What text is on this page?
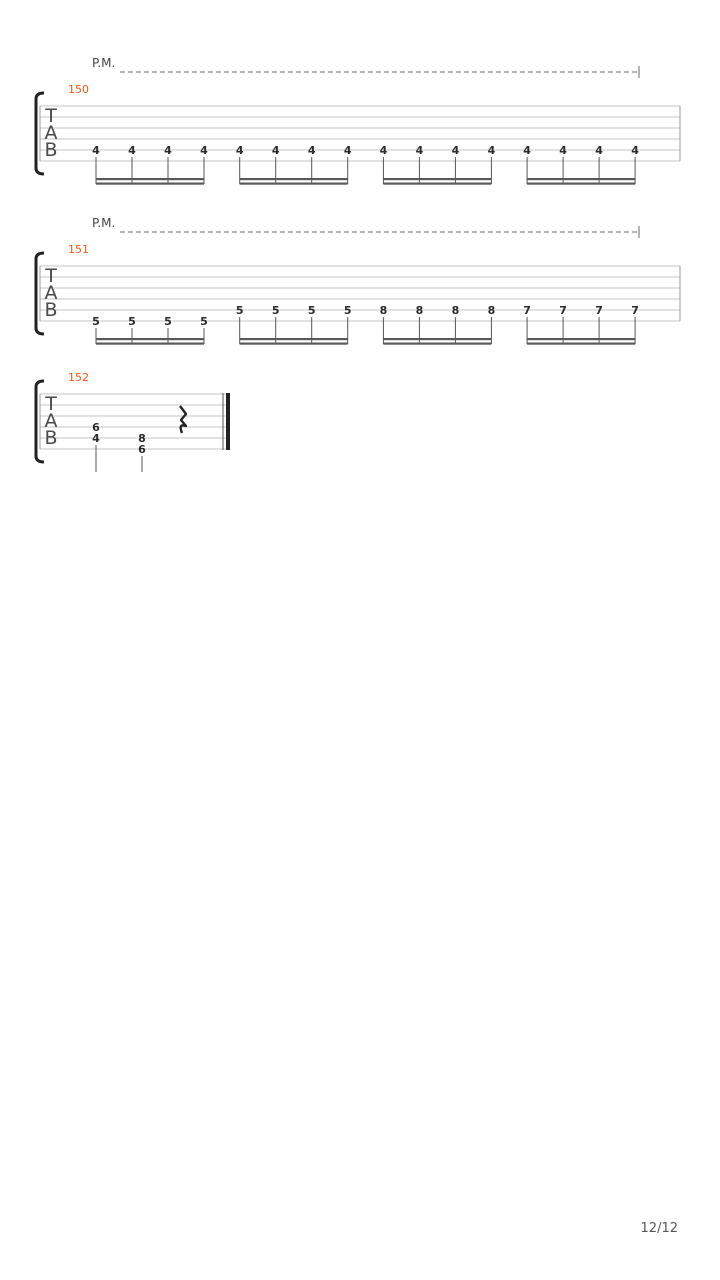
T
A
B
150
P.M.
4	4	4	4	4	4	4	4	4	4	4	4	4	4	4	4
T
A
B
151
P.M.
5	5	5	5
5	5	5	5	8	8	8	8	7	7	7	7
T
A
B
152
6
4	8
6
12/12
